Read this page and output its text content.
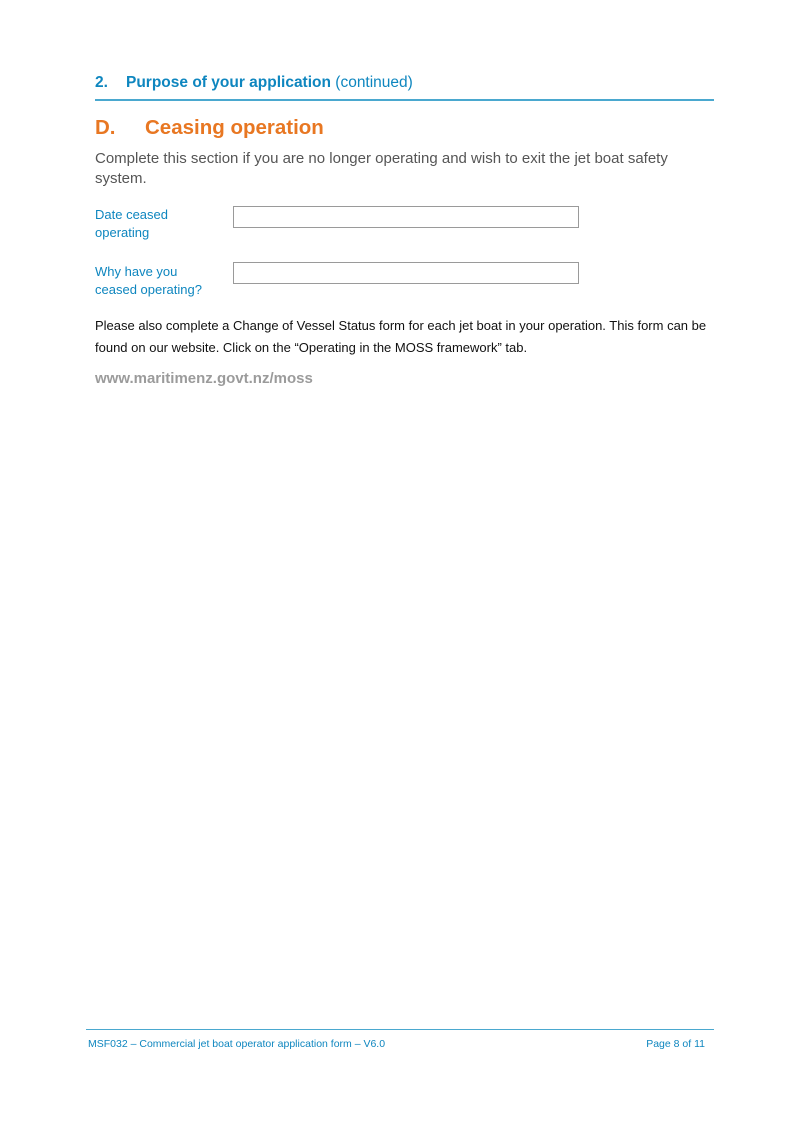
2. Purpose of your application (continued)
D. Ceasing operation
Complete this section if you are no longer operating and wish to exit the jet boat safety system.
Date ceased
operating
Why have you
ceased operating?
Please also complete a Change of Vessel Status form for each jet boat in your operation. This form can be found on our website. Click on the “Operating in the MOSS framework” tab.
www.maritimenz.govt.nz/moss
MSF032 – Commercial jet boat operator application form – V6.0	Page 8 of 11
